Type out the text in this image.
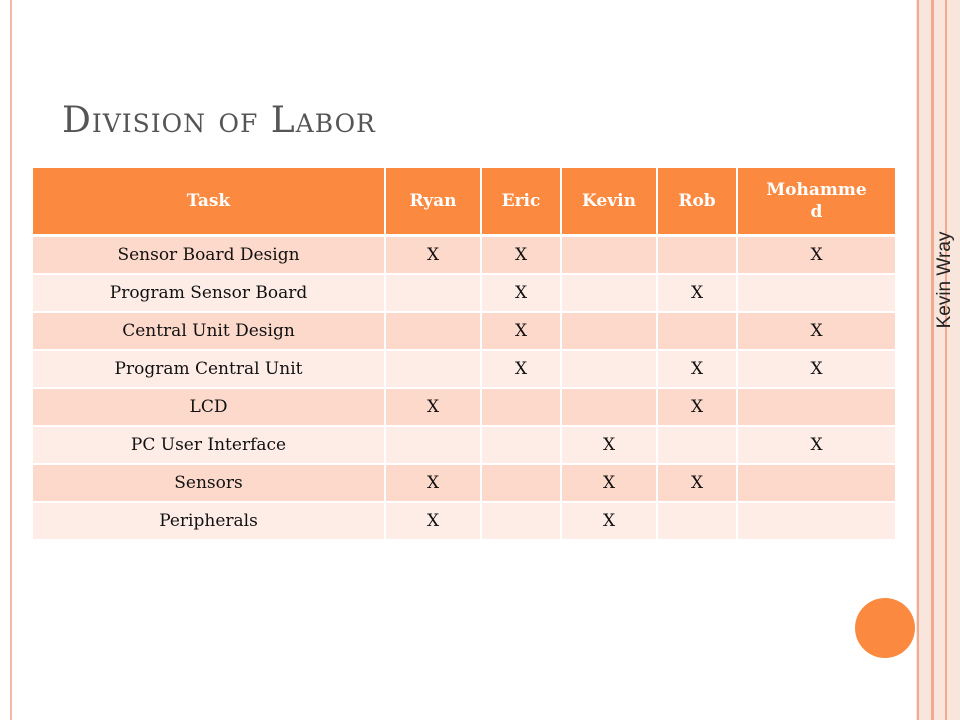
Division of Labor
Task	Ryan	Eric	Kevin	Rob	Mohammed
Sensor Board Design	X	X			X
Program Sensor Board		X		X	
Central Unit Design		X			X
Program Central Unit		X		X	X
LCD	X			X	
PC User Interface			X		X
Sensors	X		X	X	
Peripherals	X		X		
Kevin Wray
